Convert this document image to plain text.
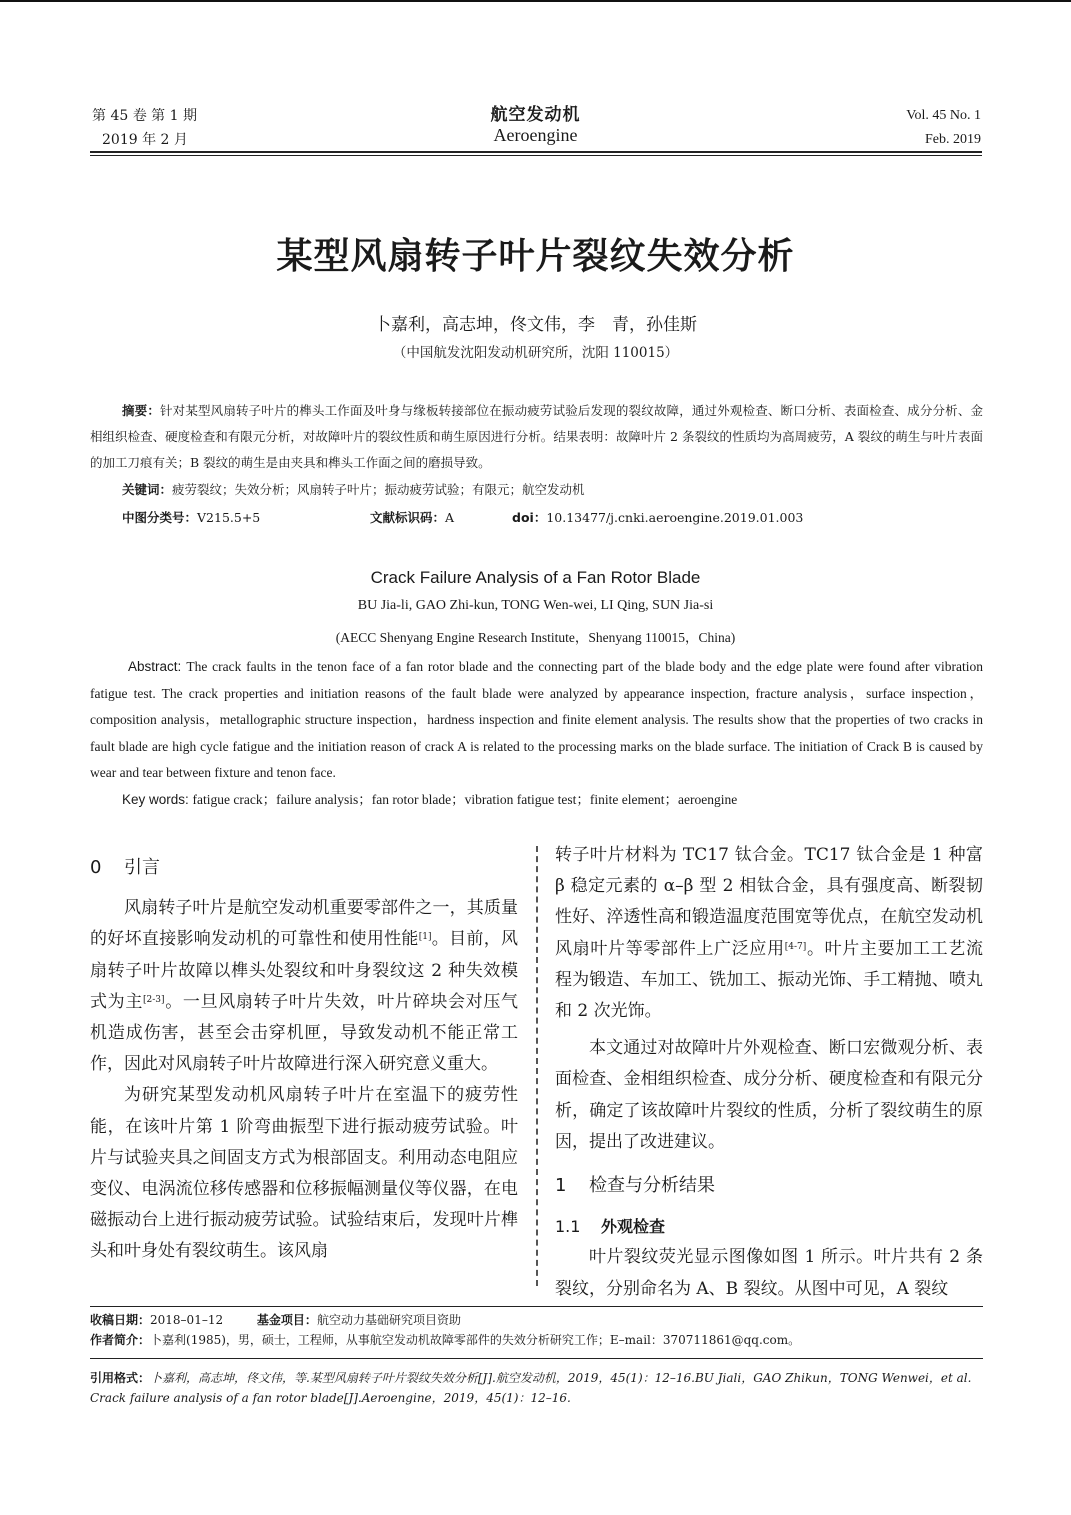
第 45 卷 第 1 期
2019 年 2 月
航空发动机
Aeroengine
Vol. 45 No. 1
Feb. 2019
某型风扇转子叶片裂纹失效分析
卜嘉利，高志坤，佟文伟，李　青，孙佳斯
（中国航发沈阳发动机研究所，沈阳 110015）
摘要：针对某型风扇转子叶片的榫头工作面及叶身与缘板转接部位在振动疲劳试验后发现的裂纹故障，通过外观检查、断口分析、表面检查、成分分析、金相组织检查、硬度检查和有限元分析，对故障叶片的裂纹性质和萌生原因进行分析。结果表明：故障叶片 2 条裂纹的性质均为高周疲劳，A 裂纹的萌生与叶片表面的加工刀痕有关；B 裂纹的萌生是由夹具和榫头工作面之间的磨损导致。
关键词：疲劳裂纹；失效分析；风扇转子叶片；振动疲劳试验；有限元；航空发动机
中图分类号：V215.5+5	文献标识码：A	doi：10.13477/j.cnki.aeroengine.2019.01.003
Crack Failure Analysis of a Fan Rotor Blade
BU Jia-li, GAO Zhi-kun, TONG Wen-wei, LI Qing, SUN Jia-si
(AECC Shenyang Engine Research Institute，Shenyang 110015，China)
Abstract: The crack faults in the tenon face of a fan rotor blade and the connecting part of the blade body and the edge plate were found after vibration fatigue test. The crack properties and initiation reasons of the fault blade were analyzed by appearance inspection, fracture analysis，surface inspection，composition analysis，metallographic structure inspection，hardness inspection and finite element analysis. The results show that the properties of two cracks in fault blade are high cycle fatigue and the initiation reason of crack A is related to the processing marks on the blade surface. The initiation of Crack B is caused by wear and tear between fixture and tenon face.
Key words: fatigue crack；failure analysis；fan rotor blade；vibration fatigue test；finite element；aeroengine
0 引言

风扇转子叶片是航空发动机重要零部件之一，其质量的好坏直接影响发动机的可靠性和使用性能[1]。目前，风扇转子叶片故障以榫头处裂纹和叶身裂纹这 2 种失效模式为主[2-3]。一旦风扇转子叶片失效，叶片碎块会对压气机造成伤害，甚至会击穿机匣，导致发动机不能正常工作，因此对风扇转子叶片故障进行深入研究意义重大。

为研究某型发动机风扇转子叶片在室温下的疲劳性能，在该叶片第 1 阶弯曲振型下进行振动疲劳试验。叶片与试验夹具之间固支方式为根部固支。利用动态电阻应变仪、电涡流位移传感器和位移振幅测量仪等仪器，在电磁振动台上进行振动疲劳试验。试验结束后，发现叶片榫头和叶身处有裂纹萌生。该风扇

转子叶片材料为 TC17 钛合金。TC17 钛合金是 1 种富 β 稳定元素的 α–β 型 2 相钛合金，具有强度高、断裂韧性好、淬透性高和锻造温度范围宽等优点，在航空发动机风扇叶片等零部件上广泛应用[4-7]。叶片主要加工工艺流程为锻造、车加工、铣加工、振动光饰、手工精抛、喷丸和 2 次光饰。

本文通过对故障叶片外观检查、断口宏微观分析、表面检查、金相组织检查、成分分析、硬度检查和有限元分析，确定了该故障叶片裂纹的性质，分析了裂纹萌生的原因，提出了改进建议。

1 检查与分析结果
1.1 外观检查

叶片裂纹荧光显示图像如图 1 所示。叶片共有 2 条裂纹，分别命名为 A、B 裂纹。从图中可见，A 裂纹

收稿日期：2018–01–12	基金项目：航空动力基础研究项目资助
作者简介：卜嘉利(1985)，男，硕士，工程师，从事航空发动机故障零部件的失效分析研究工作；E–mail：370711861@qq.com。
引用格式：卜嘉利，高志坤，佟文伟，等.某型风扇转子叶片裂纹失效分析[J].航空发动机，2019，45(1)：12–16.BU Jiali，GAO Zhikun，TONG Wenwei，et al. Crack failure analysis of a fan rotor blade[J].Aeroengine，2019，45(1)：12–16.
